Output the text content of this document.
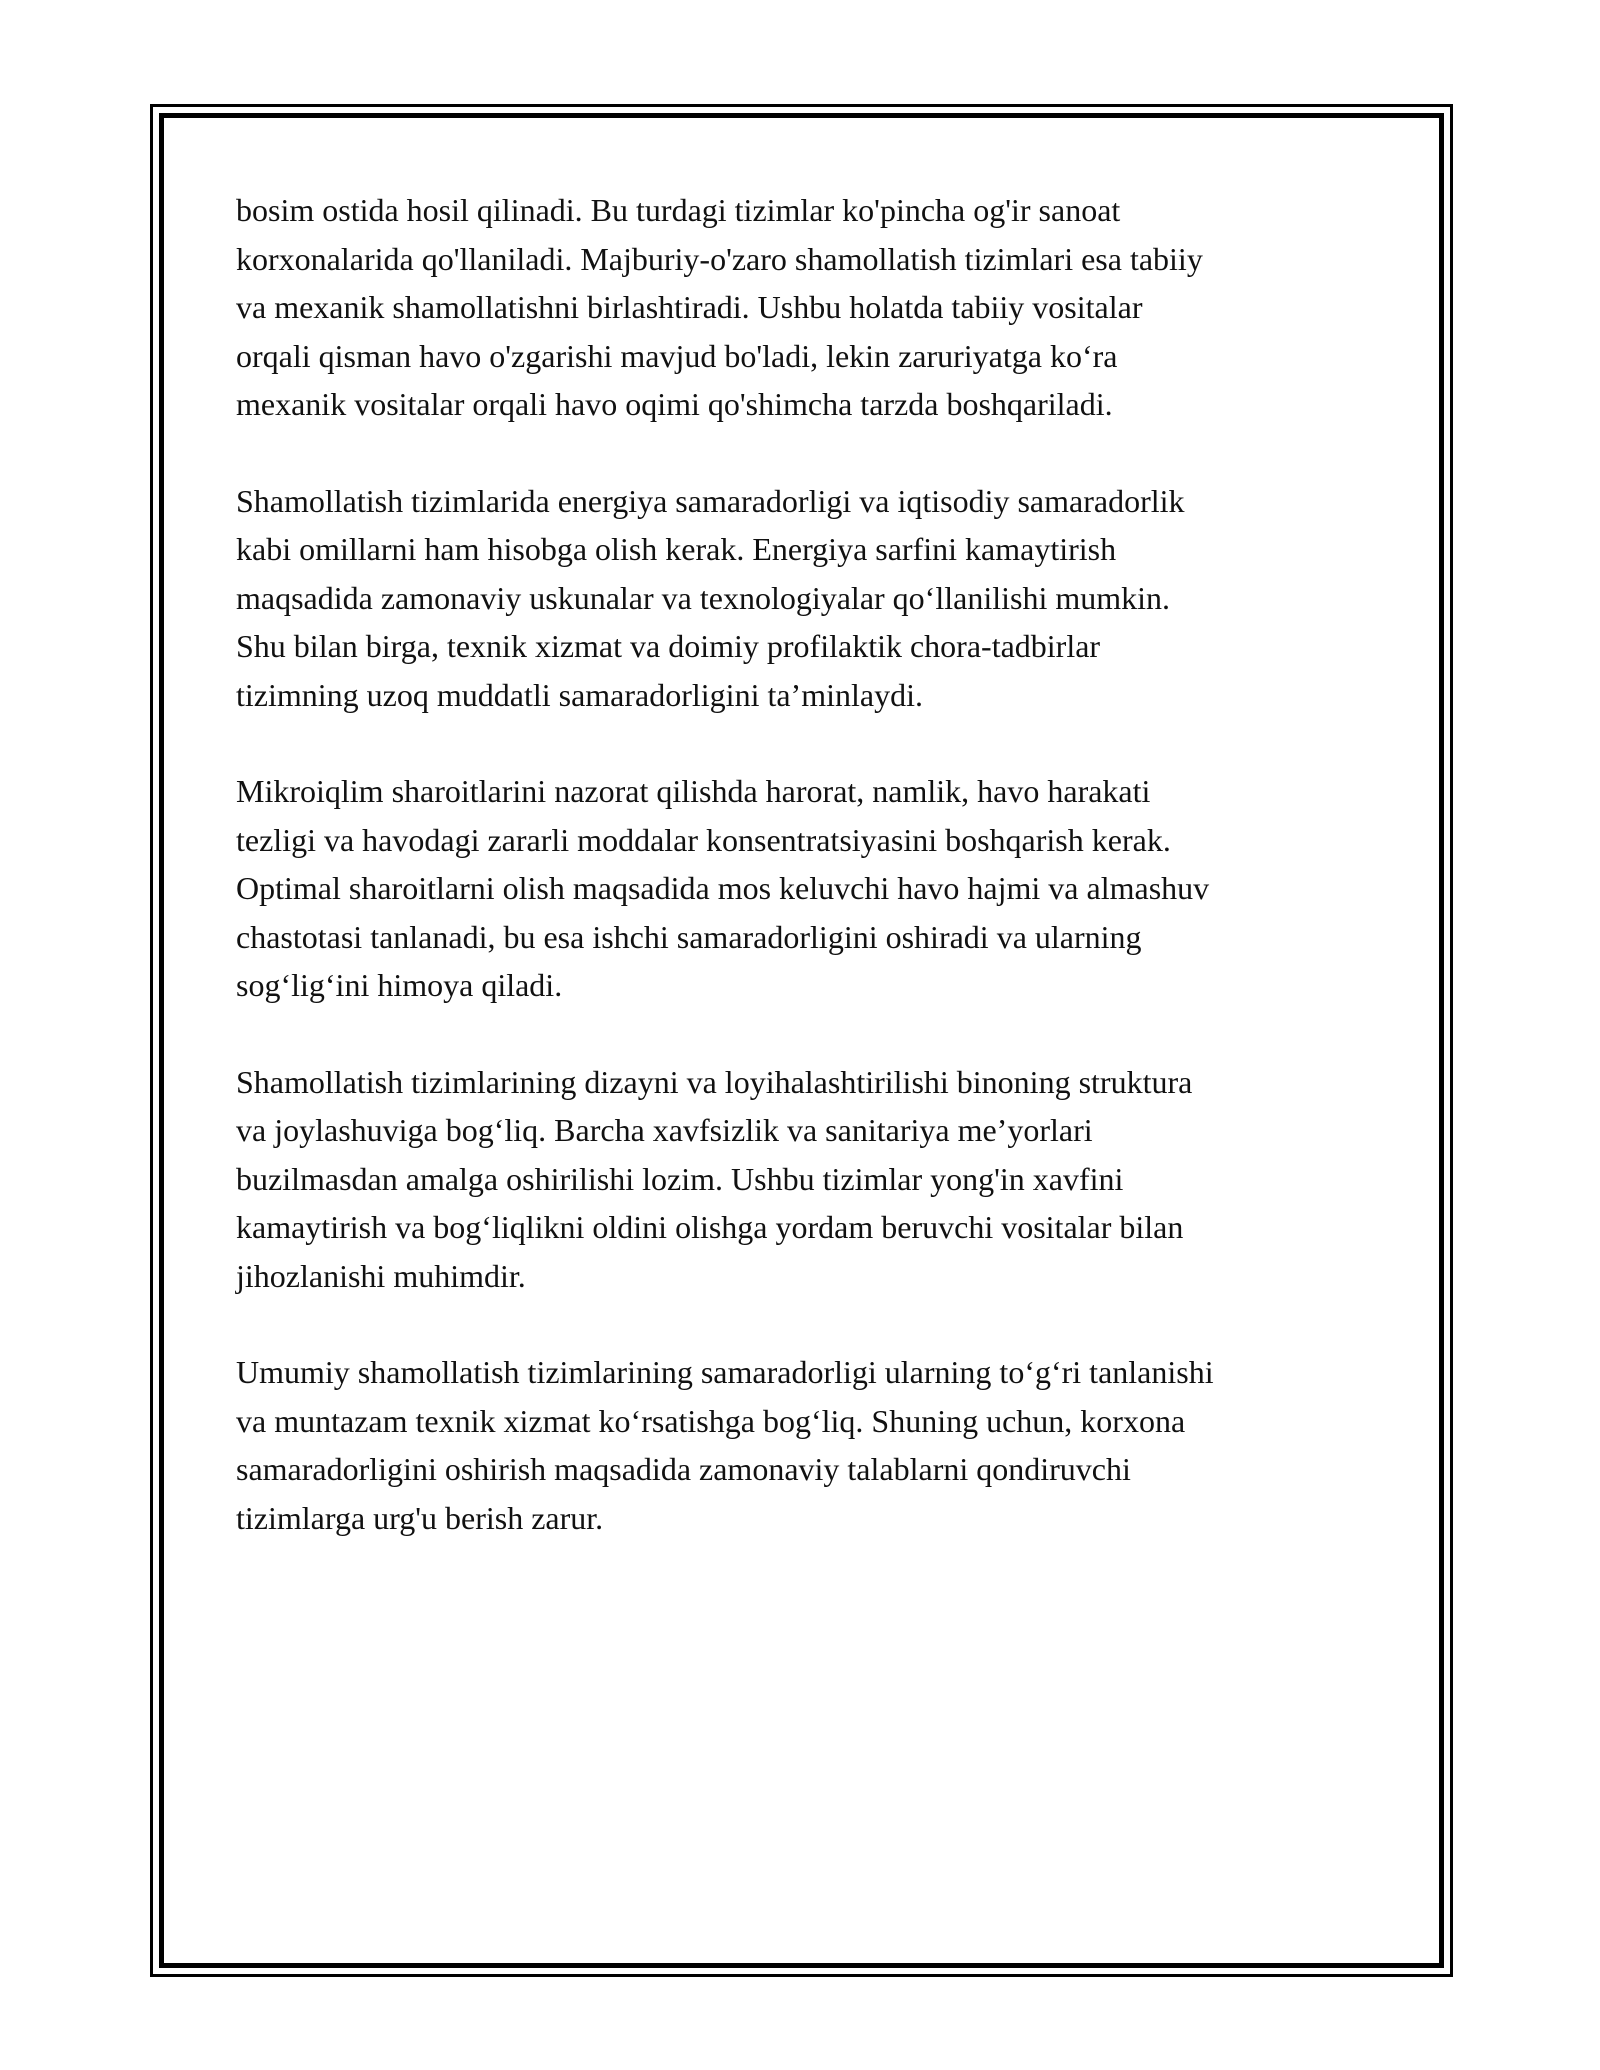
bosim ostida hosil qilinadi. Bu turdagi tizimlar ko'pincha og'ir sanoat
korxonalarida qo'llaniladi. Majburiy-o'zaro shamollatish tizimlari esa tabiiy
va mexanik shamollatishni birlashtiradi. Ushbu holatda tabiiy vositalar
orqali qisman havo o'zgarishi mavjud bo'ladi, lekin zaruriyatga ko‘ra
mexanik vositalar orqali havo oqimi qo'shimcha tarzda boshqariladi.

Shamollatish tizimlarida energiya samaradorligi va iqtisodiy samaradorlik
kabi omillarni ham hisobga olish kerak. Energiya sarfini kamaytirish
maqsadida zamonaviy uskunalar va texnologiyalar qo‘llanilishi mumkin.
Shu bilan birga, texnik xizmat va doimiy profilaktik chora-tadbirlar
tizimning uzoq muddatli samaradorligini ta’minlaydi.

Mikroiqlim sharoitlarini nazorat qilishda harorat, namlik, havo harakati
tezligi va havodagi zararli moddalar konsentratsiyasini boshqarish kerak.
Optimal sharoitlarni olish maqsadida mos keluvchi havo hajmi va almashuv
chastotasi tanlanadi, bu esa ishchi samaradorligini oshiradi va ularning
sog‘lig‘ini himoya qiladi.

Shamollatish tizimlarining dizayni va loyihalashtirilishi binoning struktura
va joylashuviga bog‘liq. Barcha xavfsizlik va sanitariya me’yorlari
buzilmasdan amalga oshirilishi lozim. Ushbu tizimlar yong'in xavfini
kamaytirish va bog‘liqlikni oldini olishga yordam beruvchi vositalar bilan
jihozlanishi muhimdir.

Umumiy shamollatish tizimlarining samaradorligi ularning to‘g‘ri tanlanishi
va muntazam texnik xizmat ko‘rsatishga bog‘liq. Shuning uchun, korxona
samaradorligini oshirish maqsadida zamonaviy talablarni qondiruvchi
tizimlarga urg'u berish zarur.
